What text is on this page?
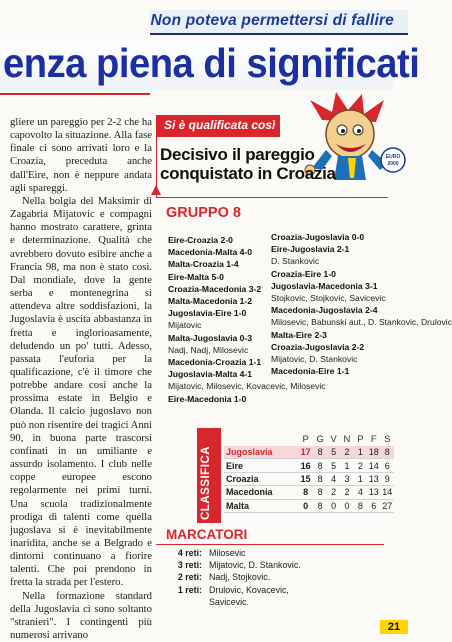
Non poteva permettersi di fallire
enza piena di significati

gliere un pareggio per 2-2 che ha capovolto la situazione. Alla fase finale ci sono arrivati loro e la Croazia, preceduta anche dall'Eire, non è neppure andata agli spareggi.

Nella bolgia del Maksimir di Zagabria Mijatovic e compagni hanno mostrato carattere, grinta e determinazione. Qualità che avrebbero dovuto esibire anche a Francia 98, ma non è stato così. Dal mondiale, dove la gente serba e montenegrina si attendeva altre soddisfazioni, la Jugoslavia è uscita abbastanza in fretta e inglorioasamente, deludendo un po' tutti. Adesso, passata l'euforia per la qualificazione, c'è il timore che potrebbe andare così anche la prossima estate in Belgio e Olanda. Il calcio jugoslavo non può non risentire dei tragici Anni 90, in buona parte trascorsi confinati in un umiliante e assurdo isolamento. I club nelle coppe europee escono regolarmente nei primi turni. Una scuola tradizionalmente prodiga di talenti come quella jugoslava si è inevitabilmente inaridita, anche se a Belgrado e dintorni continuano a fiorire talenti. Che poi prendono in fretta la strada per l'estero.

Nella formazione standard della Jugoslavia ci sono soltanto "stranieri". I contingenti più numerosi arrivano

EURO
2000
Si è qualificata così
Decisivo il pareggio conquistato in Croazia
GRUPPO 8
Eire-Croazia 2-0
Macedonia-Malta 4-0
Malta-Croazia 1-4
Eire-Malta 5-0
Croazia-Macedonia 3-2
Malta-Macedonia 1-2
Jugoslavia-Eire 1-0
Mijatovic
Malta-Jugoslavia 0-3
Nadj, Nadj, Milosevic
Macedonia-Croazia 1-1
Jugoslavia-Malta 4-1
Mijatovic, Milosevic, Kovacevic, Milosevic
Eire-Macedonia 1-0
Croazia-Jugoslavia 0-0
Eire-Jugoslavia 2-1
D. Stankovic
Croazia-Eire 1-0
Jugoslavia-Macedonia 3-1
Stojkovic, Stojkovic, Savicevic
Macedonia-Jugoslavia 2-4
Milosevic, Babunski aut., D. Stankovic, Drulovic
Malta-Eire 2-3
Croazia-Jugoslavia 2-2
Mijatovic, D. Stankovic
Macedonia-Eire 1-1
CLASSIFICA
	P	G	V	N	P	F	S
Jugoslavia	17	8	5	2	1	18	8
Eire	16	8	5	1	2	14	6
Croazia	15	8	4	3	1	13	9
Macedonia	8	8	2	2	4	13	14
Malta	0	8	0	0	8	6	27
MARCATORI
4 reti: Milosevic
3 reti: Mijatovic, D. Stankovic.
2 reti: Nadj, Stojkovic.
1 reti: Drulovic, Kovacevic,
Savicevic.
21
